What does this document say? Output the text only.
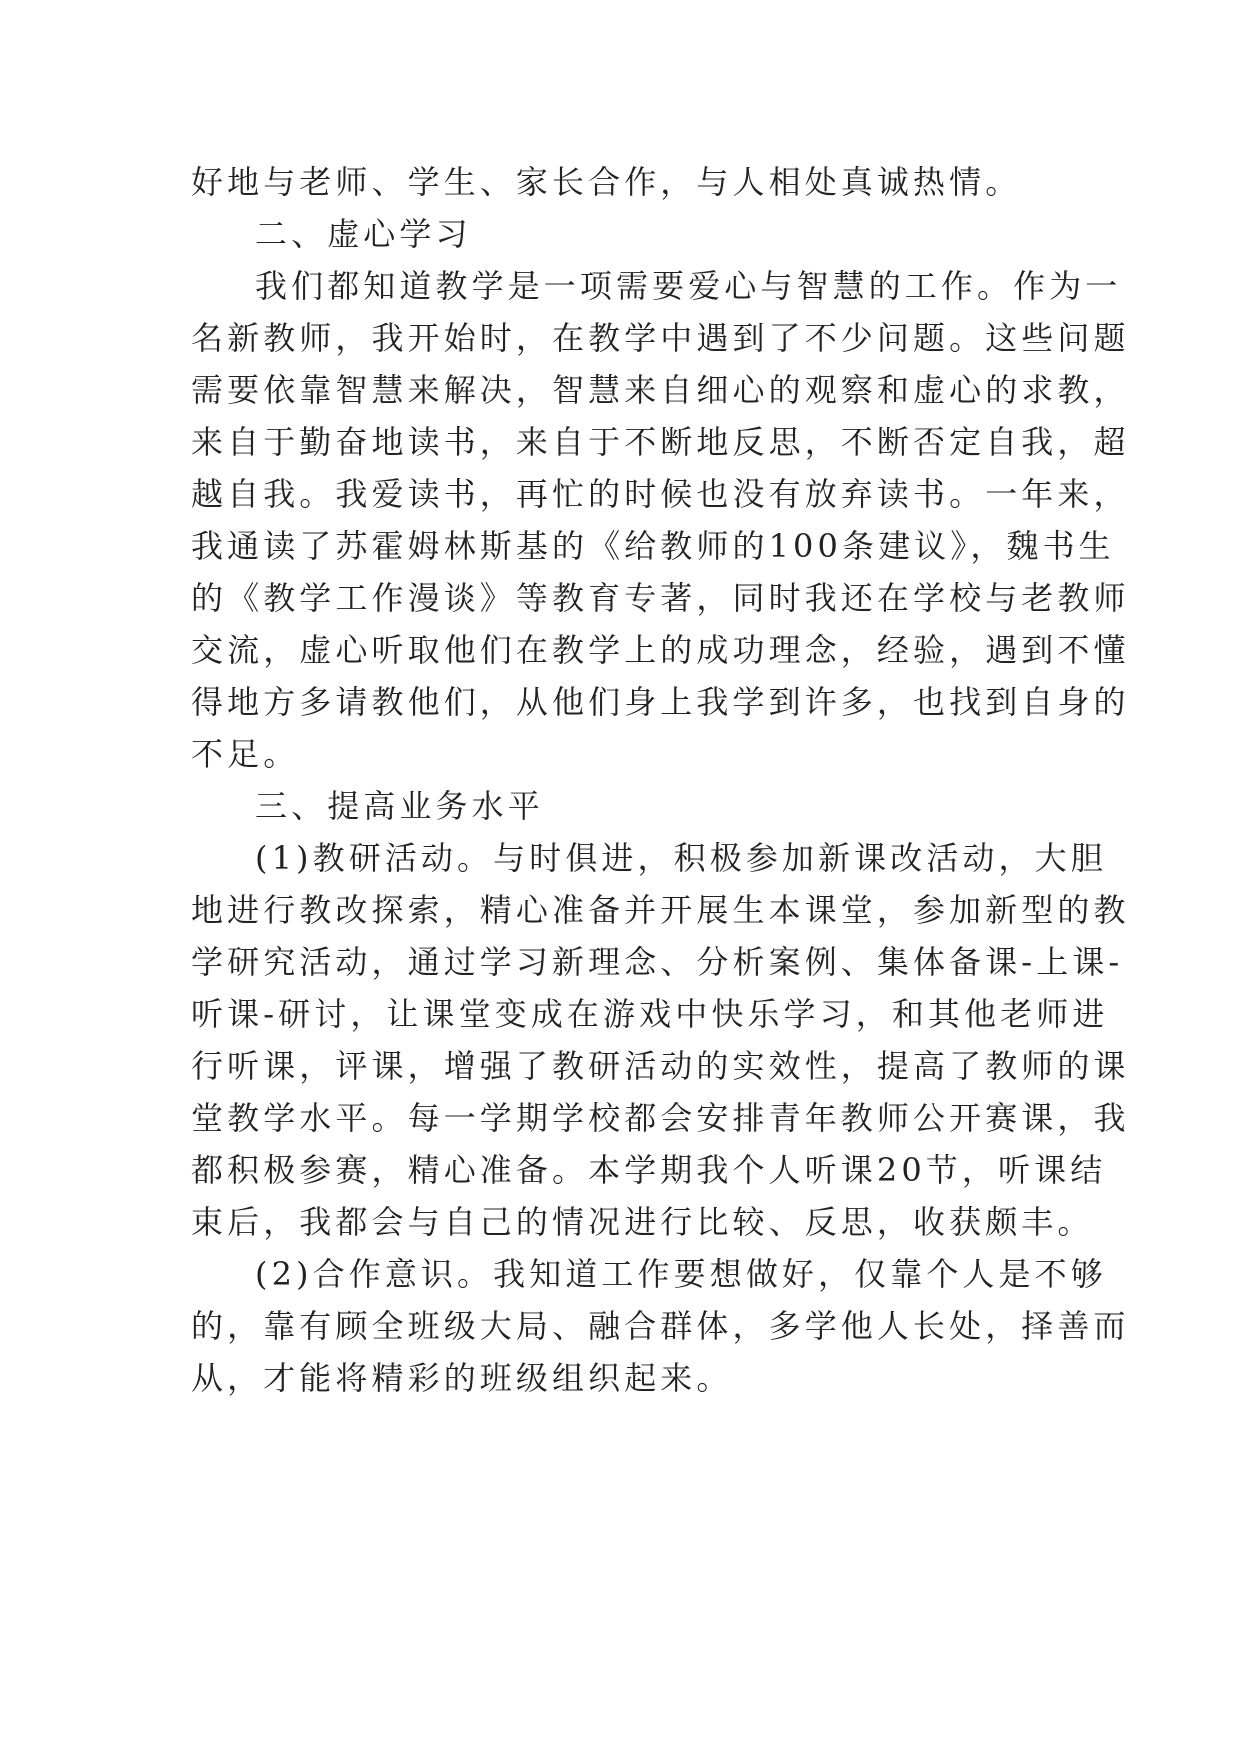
好地与老师、学生、家长合作，与人相处真诚热情。
二、虚心学习
我们都知道教学是一项需要爱心与智慧的工作。作为一
名新教师，我开始时，在教学中遇到了不少问题。这些问题
需要依靠智慧来解决，智慧来自细心的观察和虚心的求教，
来自于勤奋地读书，来自于不断地反思，不断否定自我，超
越自我。我爱读书，再忙的时候也没有放弃读书。一年来，
我通读了苏霍姆林斯基的《给教师的100条建议》，魏书生
的《教学工作漫谈》等教育专著，同时我还在学校与老教师
交流，虚心听取他们在教学上的成功理念，经验，遇到不懂
得地方多请教他们，从他们身上我学到许多，也找到自身的
不足。
三、提高业务水平
(1)教研活动。与时俱进，积极参加新课改活动，大胆
地进行教改探索，精心准备并开展生本课堂，参加新型的教
学研究活动，通过学习新理念、分析案例、集体备课-上课-
听课-研讨，让课堂变成在游戏中快乐学习，和其他老师进
行听课，评课，增强了教研活动的实效性，提高了教师的课
堂教学水平。每一学期学校都会安排青年教师公开赛课，我
都积极参赛，精心准备。本学期我个人听课20节，听课结
束后，我都会与自己的情况进行比较、反思，收获颇丰。
(2)合作意识。我知道工作要想做好，仅靠个人是不够
的，靠有顾全班级大局、融合群体，多学他人长处，择善而
从，才能将精彩的班级组织起来。
